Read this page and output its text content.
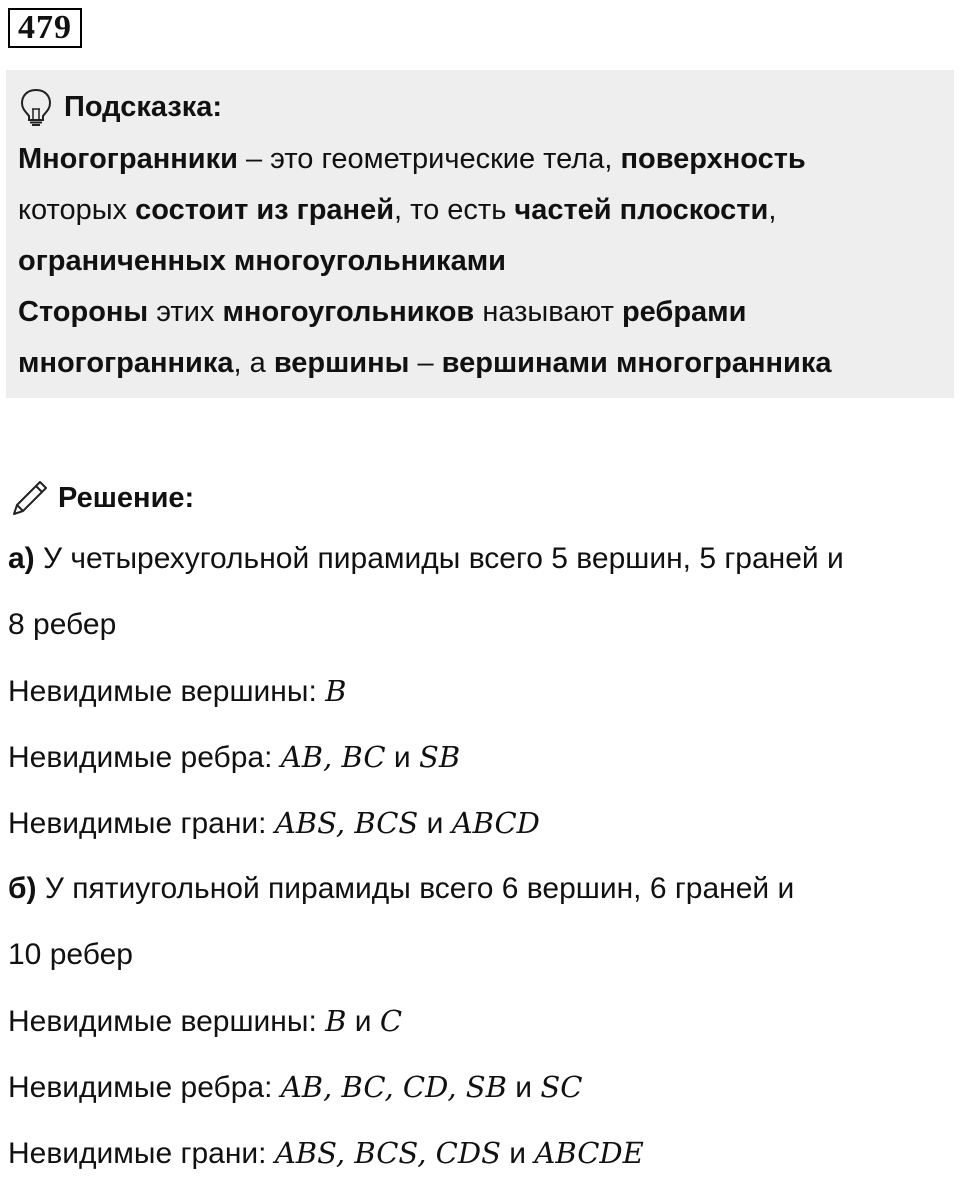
479
Подсказка:
Многогранники – это геометрические тела, поверхность
которых состоит из граней, то есть частей плоскости,
ограниченных многоугольниками
Стороны этих многоугольников называют ребрами
многогранника, а вершины – вершинами многогранника
Решение:
а) У четырехугольной пирамиды всего 5 вершин, 5 граней и
8 ребер
Невидимые вершины: B
Невидимые ребра: AB, BC и SB
Невидимые грани: ABS, BCS и ABCD
б) У пятиугольной пирамиды всего 6 вершин, 6 граней и
10 ребер
Невидимые вершины: B и C
Невидимые ребра: AB, BC, CD, SB и SC
Невидимые грани: ABS, BCS, CDS и ABCDE
